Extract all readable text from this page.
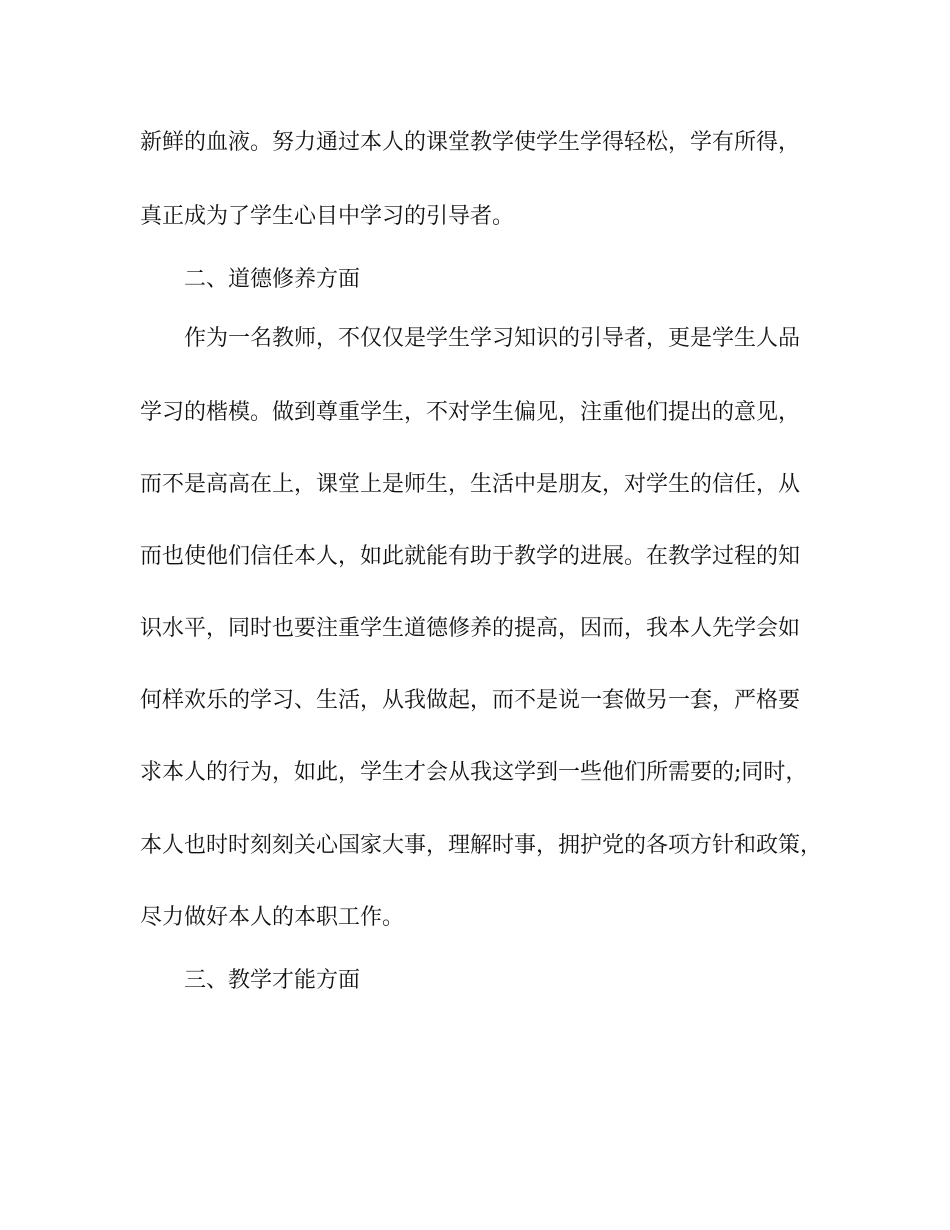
新鲜的血液。努力通过本人的课堂教学使学生学得轻松，学有所得，

真正成为了学生心目中学习的引导者。

二、道德修养方面

作为一名教师，不仅仅是学生学习知识的引导者，更是学生人品

学习的楷模。做到尊重学生，不对学生偏见，注重他们提出的意见，

而不是高高在上，课堂上是师生，生活中是朋友，对学生的信任，从

而也使他们信任本人，如此就能有助于教学的进展。在教学过程的知

识水平，同时也要注重学生道德修养的提高，因而，我本人先学会如

何样欢乐的学习、生活，从我做起，而不是说一套做另一套，严格要

求本人的行为，如此，学生才会从我这学到一些他们所需要的;同时，

本人也时时刻刻关心国家大事，理解时事，拥护党的各项方针和政策，

尽力做好本人的本职工作。

三、教学才能方面
